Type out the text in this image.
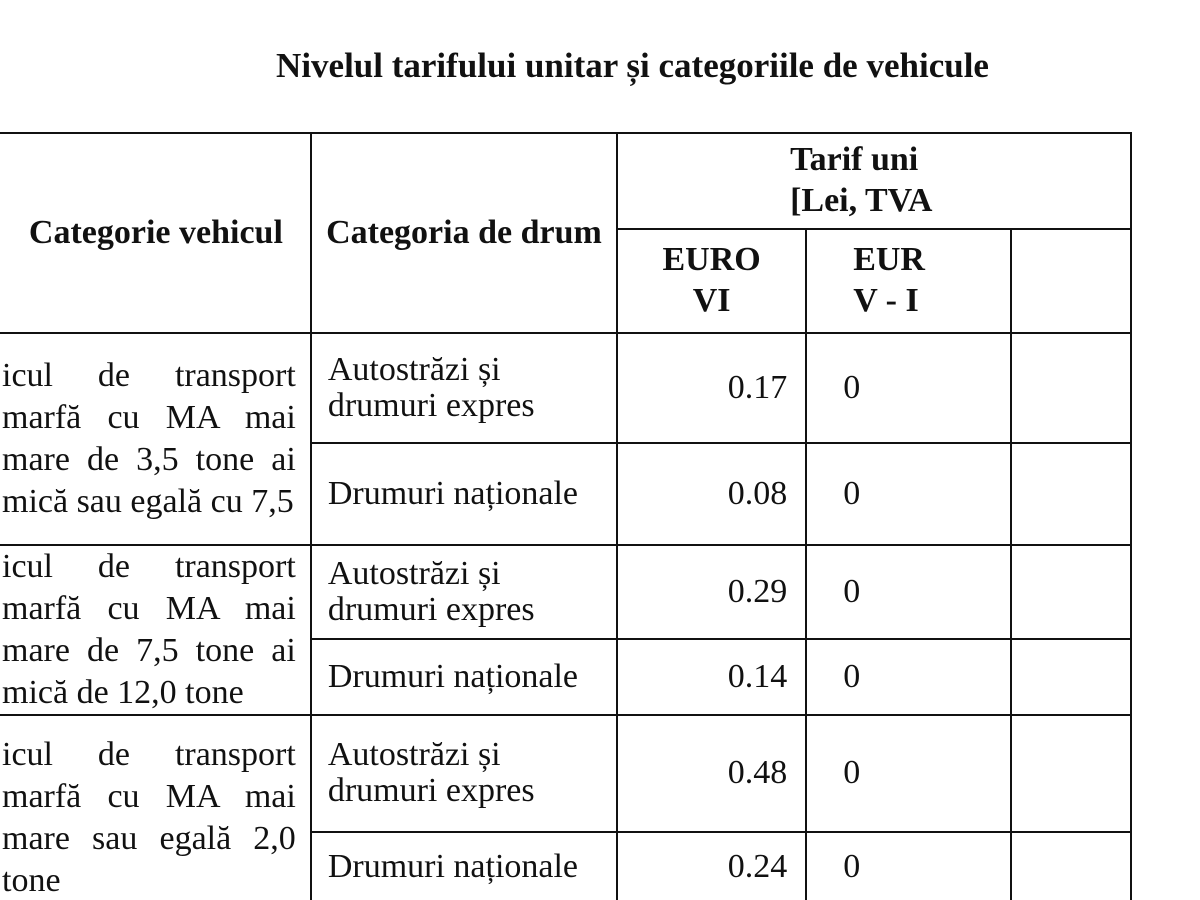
Nivelul tarifului unitar și categoriile de vehicule
Categorie vehicul	Categoria de drum	Tarif uni
[Lei, TVA		

		EURO VI	EUR V - I	
icul de transport marfă cu MA mai mare de 3,5 tone ai mică sau egală cu 7,5	Autostrăzi și drumuri expres	0.17	0	
	Drumuri naționale	0.08	0	
icul de transport marfă cu MA mai mare de 7,5 tone ai mică de 12,0 tone	Autostrăzi și drumuri expres	0.29	0	
	Drumuri naționale	0.14	0	
icul de transport marfă cu MA mai mare sau egală 2,0 tone	Autostrăzi și drumuri expres	0.48	0	
	Drumuri naționale	0.24	0	
